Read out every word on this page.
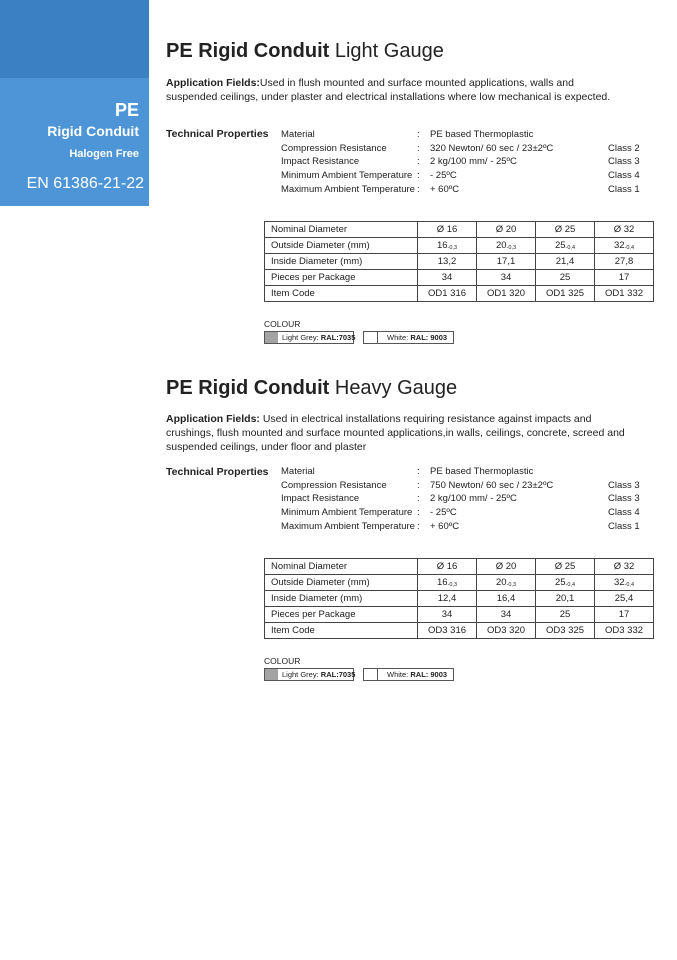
PE
Rigid Conduit
Halogen Free
EN 61386-21-22
PE Rigid Conduit Light Gauge
Application Fields:Used in flush mounted and surface mounted applications, walls and suspended ceilings, under plaster and electrical installations where low mechanical is expected.
Technical Properties Material	: PE based Thermoplastic
Compression Resistance	: 320 Newton/ 60 sec / 23±2ºC	Class 2
Impact Resistance	: 2 kg/100 mm/ - 25ºC	Class 3
Minimum Ambient Temperature : - 25ºC	Class 4
Maximum Ambient Temperature : + 60ºC	Class 1
Nominal Diameter	Ø 16	Ø 20	Ø 25	Ø 32
Outside Diameter (mm)	$16_{-0,3}$	$20_{-0,3}$	$25_{-0,4}$	$32_{-0,4}$
Inside Diameter (mm)	13,2	17,1	21,4	27,8
Pieces per Package	34	34	25	17
Item Code	OD1 316	OD1 320	OD1 325	OD1 332
COLOUR
Light Grey: RAL:7035	White: RAL: 9003
PE Rigid Conduit Heavy Gauge
Application Fields: Used in electrical installations requiring resistance against impacts and crushings, flush mounted and surface mounted applications,in walls, ceilings, concrete, screed and suspended ceilings, under floor and plaster
Technical Properties Material	: PE based Thermoplastic
Compression Resistance	: 750 Newton/ 60 sec / 23±2ºC	Class 3
Impact Resistance	: 2 kg/100 mm/ - 25ºC	Class 3
Minimum Ambient Temperature : - 25ºC	Class 4
Maximum Ambient Temperature : + 60ºC	Class 1
Nominal Diameter	Ø 16	Ø 20	Ø 25	Ø 32
Outside Diameter (mm)	$16_{-0,3}$	$20_{-0,3}$	$25_{-0,4}$	$32_{-0,4}$
Inside Diameter (mm)	12,4	16,4	20,1	25,4
Pieces per Package	34	34	25	17
Item Code	OD3 316	OD3 320	OD3 325	OD3 332
COLOUR
Light Grey: RAL:7035	White: RAL: 9003
